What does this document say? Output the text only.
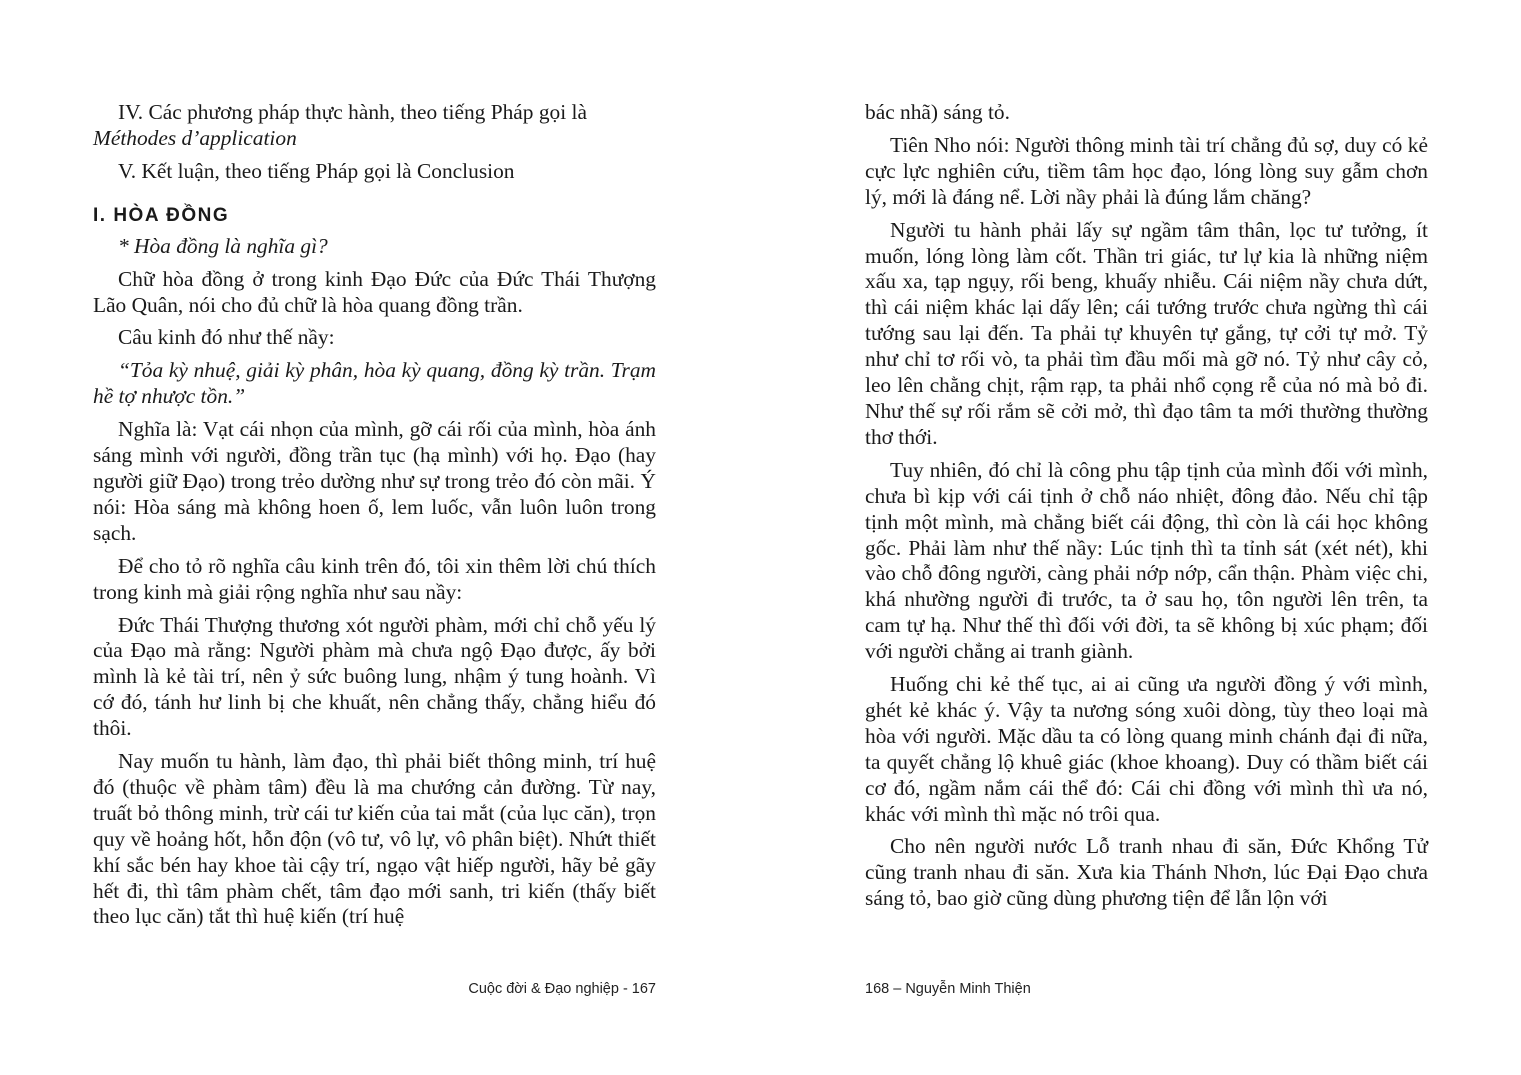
IV. Các phương pháp thực hành, theo tiếng Pháp gọi là

Méthodes d’application

V. Kết luận, theo tiếng Pháp gọi là Conclusion

I. HÒA ĐỒNG

* Hòa đồng là nghĩa gì?

Chữ hòa đồng ở trong kinh Đạo Đức của Đức Thái Thượng Lão Quân, nói cho đủ chữ là hòa quang đồng trần.

Câu kinh đó như thế nầy:

“Tỏa kỳ nhuệ, giải kỳ phân, hòa kỳ quang, đồng kỳ trần. Trạm hề tợ nhược tồn.”

Nghĩa là: Vạt cái nhọn của mình, gỡ cái rối của mình, hòa ánh sáng mình với người, đồng trần tục (hạ mình) với họ. Đạo (hay người giữ Đạo) trong trẻo dường như sự trong trẻo đó còn mãi. Ý nói: Hòa sáng mà không hoen ố, lem luốc, vẫn luôn luôn trong sạch.

Để cho tỏ rõ nghĩa câu kinh trên đó, tôi xin thêm lời chú thích trong kinh mà giải rộng nghĩa như sau nầy:

Đức Thái Thượng thương xót người phàm, mới chỉ chỗ yếu lý của Đạo mà rằng: Người phàm mà chưa ngộ Đạo được, ấy bởi mình là kẻ tài trí, nên ỷ sức buông lung, nhậm ý tung hoành. Vì cớ đó, tánh hư linh bị che khuất, nên chẳng thấy, chẳng hiểu đó thôi.

Nay muốn tu hành, làm đạo, thì phải biết thông minh, trí huệ đó (thuộc về phàm tâm) đều là ma chướng cản đường. Từ nay, truất bỏ thông minh, trừ cái tư kiến của tai mắt (của lục căn), trọn quy về hoảng hốt, hỗn độn (vô tư, vô lự, vô phân biệt). Nhứt thiết khí sắc bén hay khoe tài cậy trí, ngạo vật hiếp người, hãy bẻ gãy hết đi, thì tâm phàm chết, tâm đạo mới sanh, tri kiến (thấy biết theo lục căn) tắt thì huệ kiến (trí huệ

Cuộc đời & Đạo nghiệp - 167

bác nhã) sáng tỏ.

Tiên Nho nói: Người thông minh tài trí chẳng đủ sợ, duy có kẻ cực lực nghiên cứu, tiềm tâm học đạo, lóng lòng suy gẫm chơn lý, mới là đáng nể. Lời nầy phải là đúng lắm chăng?

Người tu hành phải lấy sự ngầm tâm thân, lọc tư tưởng, ít muốn, lóng lòng làm cốt. Thần tri giác, tư lự kia là những niệm xấu xa, tạp ngụy, rối beng, khuấy nhiễu. Cái niệm nầy chưa dứt, thì cái niệm khác lại dấy lên; cái tướng trước chưa ngừng thì cái tướng sau lại đến. Ta phải tự khuyên tự gắng, tự cởi tự mở. Tỷ như chỉ tơ rối vò, ta phải tìm đầu mối mà gỡ nó. Tỷ như cây cỏ, leo lên chằng chịt, rậm rạp, ta phải nhổ cọng rễ của nó mà bỏ đi. Như thế sự rối rắm sẽ cởi mở, thì đạo tâm ta mới thường thường thơ thới.

Tuy nhiên, đó chỉ là công phu tập tịnh của mình đối với mình, chưa bì kịp với cái tịnh ở chỗ náo nhiệt, đông đảo. Nếu chỉ tập tịnh một mình, mà chẳng biết cái động, thì còn là cái học không gốc. Phải làm như thế nầy: Lúc tịnh thì ta tỉnh sát (xét nét), khi vào chỗ đông người, càng phải nớp nớp, cẩn thận. Phàm việc chi, khá nhường người đi trước, ta ở sau họ, tôn người lên trên, ta cam tự hạ. Như thế thì đối với đời, ta sẽ không bị xúc phạm; đối với người chẳng ai tranh giành.

Huống chi kẻ thế tục, ai ai cũng ưa người đồng ý với mình, ghét kẻ khác ý. Vậy ta nương sóng xuôi dòng, tùy theo loại mà hòa với người. Mặc dầu ta có lòng quang minh chánh đại đi nữa, ta quyết chẳng lộ khuê giác (khoe khoang). Duy có thầm biết cái cơ đó, ngầm nắm cái thể đó: Cái chi đồng với mình thì ưa nó, khác với mình thì mặc nó trôi qua.

Cho nên người nước Lỗ tranh nhau đi săn, Đức Khổng Tử cũng tranh nhau đi săn. Xưa kia Thánh Nhơn, lúc Đại Đạo chưa sáng tỏ, bao giờ cũng dùng phương tiện để lẫn lộn với

168 – Nguyễn Minh Thiện
